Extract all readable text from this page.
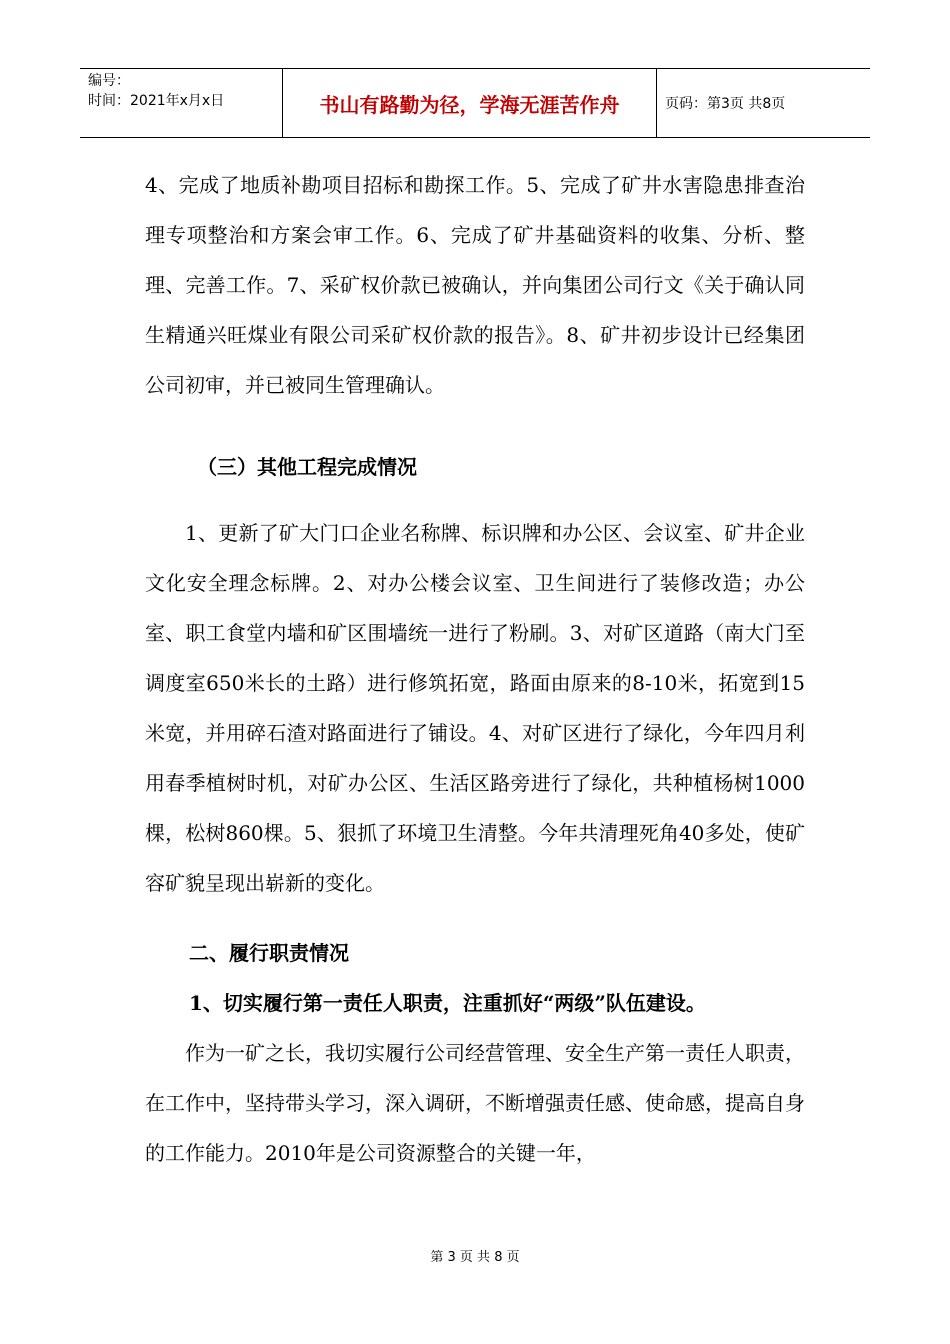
编号：
时间：2021年x月x日	书山有路勤为径，学海无涯苦作舟	页码：第3页 共8页

4、完成了地质补勘项目招标和勘探工作。5、完成了矿井水害隐患排查治理专项整治和方案会审工作。6、完成了矿井基础资料的收集、分析、整理、完善工作。7、采矿权价款已被确认，并向集团公司行文《关于确认同生精通兴旺煤业有限公司采矿权价款的报告》。8、矿井初步设计已经集团公司初审，并已被同生管理确认。

（三）其他工程完成情况

1、更新了矿大门口企业名称牌、标识牌和办公区、会议室、矿井企业文化安全理念标牌。2、对办公楼会议室、卫生间进行了装修改造；办公室、职工食堂内墙和矿区围墙统一进行了粉刷。3、对矿区道路（南大门至调度室650米长的土路）进行修筑拓宽，路面由原来的8-10米，拓宽到15米宽，并用碎石渣对路面进行了铺设。4、对矿区进行了绿化，今年四月利用春季植树时机，对矿办公区、生活区路旁进行了绿化，共种植杨树1000棵，松树860棵。5、狠抓了环境卫生清整。今年共清理死角40多处，使矿容矿貌呈现出崭新的变化。

二、履行职责情况

1、切实履行第一责任人职责，注重抓好“两级”队伍建设。

作为一矿之长，我切实履行公司经营管理、安全生产第一责任人职责，在工作中，坚持带头学习，深入调研，不断增强责任感、使命感，提高自身的工作能力。2010年是公司资源整合的关键一年，

第 3 页 共 8 页
